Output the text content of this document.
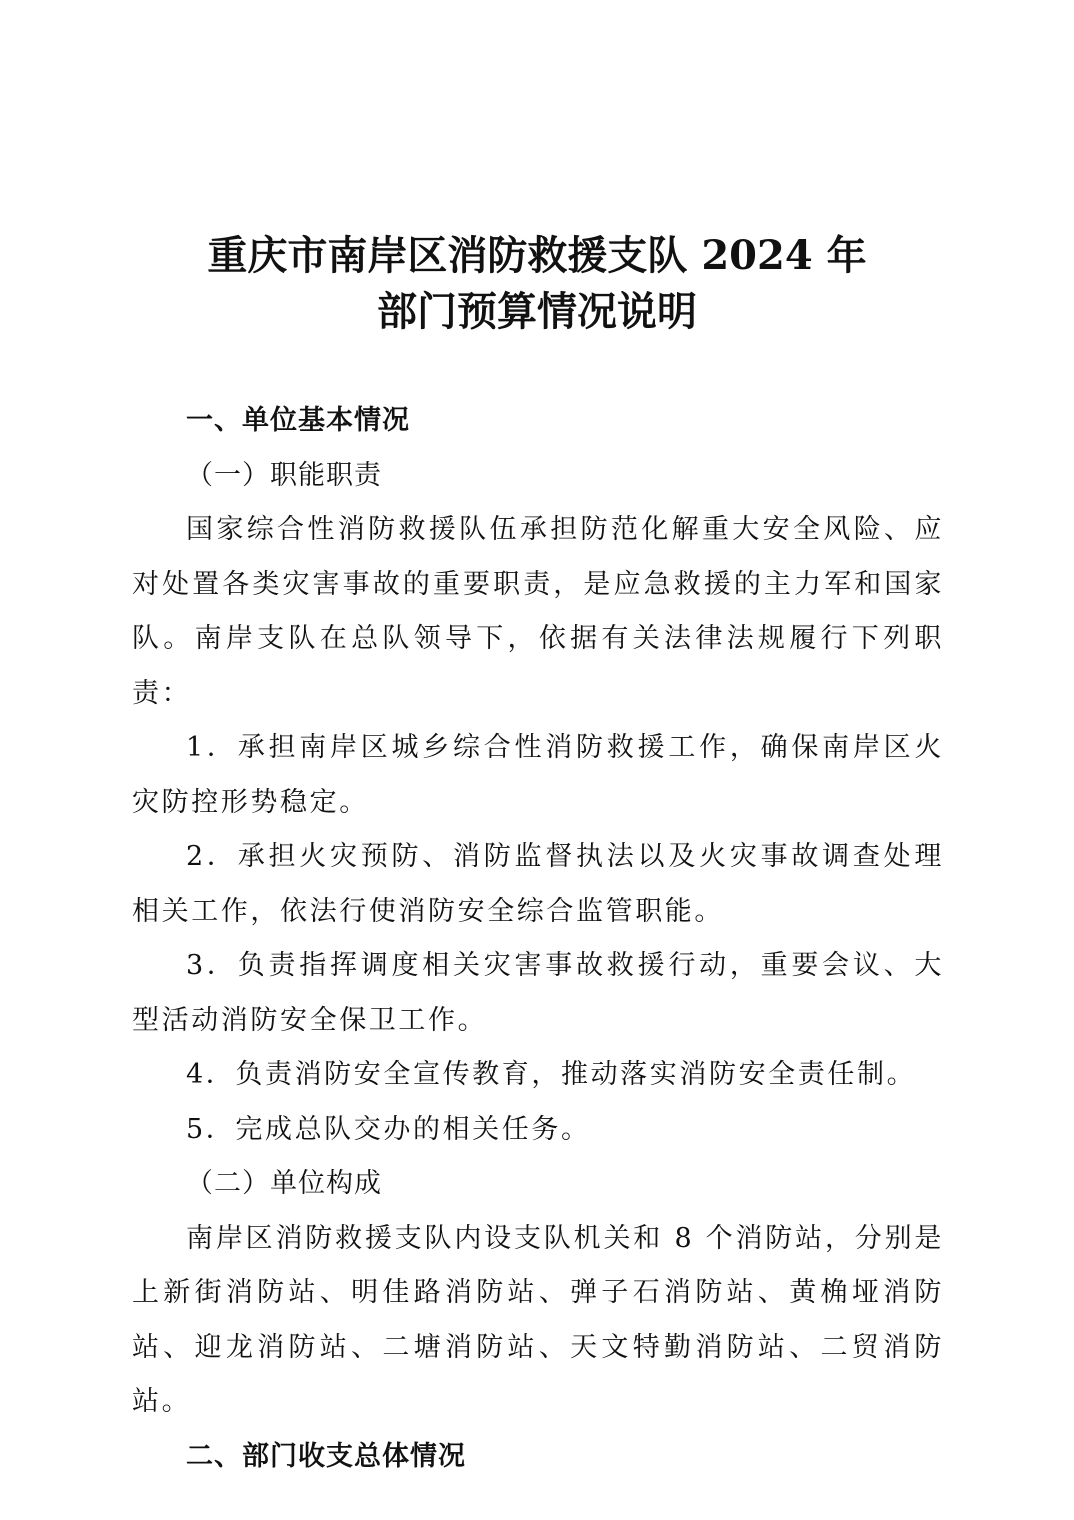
重庆市南岸区消防救援支队 2024 年
部门预算情况说明

一、单位基本情况

（一）职能职责

国家综合性消防救援队伍承担防范化解重大安全风险、应对处置各类灾害事故的重要职责，是应急救援的主力军和国家队。南岸支队在总队领导下，依据有关法律法规履行下列职责：

1．承担南岸区城乡综合性消防救援工作，确保南岸区火灾防控形势稳定。

2．承担火灾预防、消防监督执法以及火灾事故调查处理相关工作，依法行使消防安全综合监管职能。

3．负责指挥调度相关灾害事故救援行动，重要会议、大型活动消防安全保卫工作。

4．负责消防安全宣传教育，推动落实消防安全责任制。

5．完成总队交办的相关任务。

（二）单位构成

南岸区消防救援支队内设支队机关和 8 个消防站，分别是上新街消防站、明佳路消防站、弹子石消防站、黄桷垭消防站、迎龙消防站、二塘消防站、天文特勤消防站、二贸消防站。

二、部门收支总体情况
